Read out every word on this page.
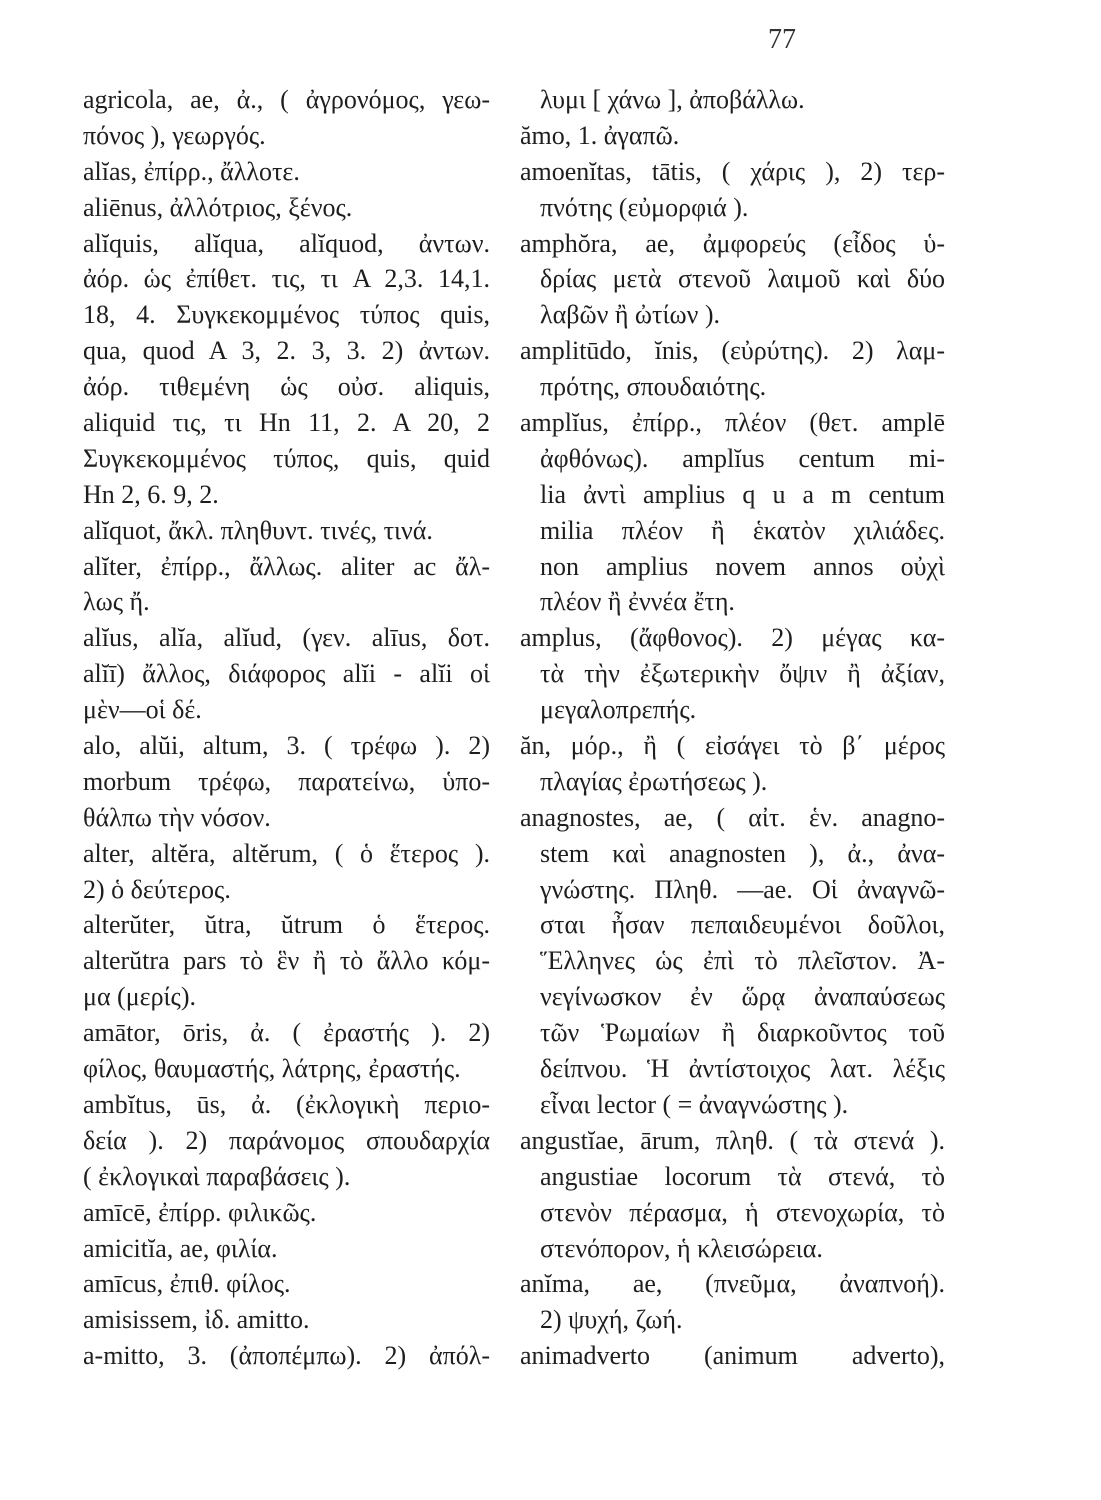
77
agricola, ae, ἀ., ( ἀγρονόμος, γεω-
πόνος ), γεωργός.
alĭas, ἐπίρρ., ἄλλοτε.
aliēnus, ἀλλότριος, ξένος.
alĭquis, alĭqua, alĭquod, ἀντων.
ἀόρ. ὡς ἐπίθετ. τις, τι A 2,3. 14,1.
18, 4. Συγκεκομμένος τύπος quis,
qua, quod A 3, 2. 3, 3. 2) ἀντων.
ἀόρ. τιθεμένη ὡς οὐσ. aliquis,
aliquid τις, τι Hn 11, 2. A 20, 2
Συγκεκομμένος τύπος, quis, quid
Hn 2, 6. 9, 2.
alĭquot, ἄκλ. πληθυντ. τινές, τινά.
alĭter, ἐπίρρ., ἄλλως. aliter ac ἄλ-
λως ἤ.
alĭus, alĭa, alĭud, (γεν. alīus, δοτ.
alĭī) ἄλλος, διάφορος alĭi - alĭi οἱ
μὲν—οἱ δέ.
alo, alŭi, altum, 3. ( τρέφω ). 2)
morbum τρέφω, παρατείνω, ὑπο-
θάλπω τὴν νόσον.
alter, altĕra, altĕrum, ( ὁ ἕτερος ).
2) ὁ δεύτερος.
alterŭter, ŭtra, ŭtrum ὁ ἕτερος.
alterŭtra pars τὸ ἓν ἢ τὸ ἄλλο κόμ-
μα (μερίς).
amātor, ōris, ἀ. ( ἐραστής ). 2)
φίλος, θαυμαστής, λάτρης, ἐραστής.
ambĭtus, ūs, ἀ. (ἐκλογικὴ περιο-
δεία ). 2) παράνομος σπουδαρχία
( ἐκλογικαὶ παραβάσεις ).
amīcē, ἐπίρρ. φιλικῶς.
amicitĭa, ae, φιλία.
amīcus, ἐπιθ. φίλος.
amisissem, ἰδ. amitto.
a-mitto, 3. (ἀποπέμπω). 2) ἀπόλ-
λυμι [ χάνω ], ἀποβάλλω.
ămo, 1. ἀγαπῶ.
amoenĭtas, tātis, ( χάρις ), 2) τερ-
πνότης (εὐμορφιά ).
amphŏra, ae, ἀμφορεύς (εἶδος ὑ-
δρίας μετὰ στενοῦ λαιμοῦ καὶ δύο
λαβῶν ἢ ὠτίων ).
amplitūdo, ĭnis, (εὐρύτης). 2) λαμ-
πρότης, σπουδαιότης.
amplĭus, ἐπίρρ., πλέον (θετ. amplē
ἀφθόνως). amplĭus centum mi-
lia ἀντὶ amplius q u a m centum
milia πλέον ἢ ἑκατὸν χιλιάδες.
non amplius novem annos οὐχὶ
πλέον ἢ ἐννέα ἔτη.
amplus, (ἄφθονος). 2) μέγας κα-
τὰ τὴν ἐξωτερικὴν ὄψιν ἢ ἀξίαν,
μεγαλοπρεπής.
ăn, μόρ., ἢ ( εἰσάγει τὸ β΄ μέρος
πλαγίας ἐρωτήσεως ).
anagnostes, ae, ( αἰτ. ἑν. anagno-
stem καὶ anagnosten ), ἀ., ἀνα-
γνώστης. Πληθ. —ae. Οἱ ἀναγνῶ-
σται ἦσαν πεπαιδευμένοι δοῦλοι,
Ἕλληνες ὡς ἐπὶ τὸ πλεῖστον. Ἀ-
νεγίνωσκον ἐν ὥρᾳ ἀναπαύσεως
τῶν Ῥωμαίων ἢ διαρκοῦντος τοῦ
δείπνου. Ἡ ἀντίστοιχος λατ. λέξις
εἶναι lector ( = ἀναγνώστης ).
angustĭae, ārum, πληθ. ( τὰ στενά ).
angustiae locorum τὰ στενά, τὸ
στενὸν πέρασμα, ἡ στενοχωρία, τὸ
στενόπορον, ἡ κλεισώρεια.
anĭma, ae, (πνεῦμα, ἀναπνοή).
2) ψυχή, ζωή.
animadverto (animum adverto),
